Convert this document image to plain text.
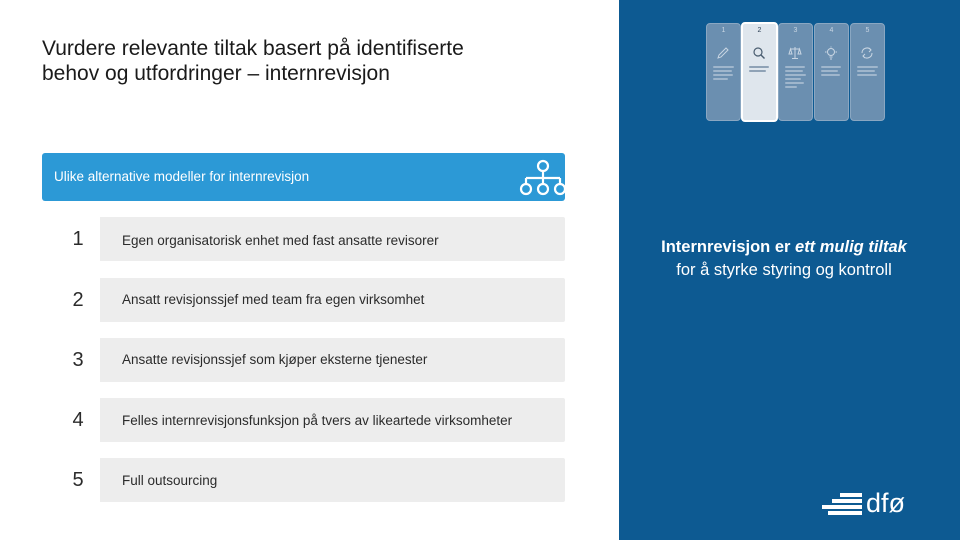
Vurdere relevante tiltak basert på identifiserte
behov og utfordringer – internrevisjon
Ulike alternative modeller for internrevisjon
1	Egen organisatorisk enhet med fast ansatte revisorer
2	Ansatt revisjonssjef med team fra egen virksomhet
3	Ansatte revisjonssjef som kjøper eksterne tjenester
4	Felles internrevisjonsfunksjon på tvers av likeartede virksomheter
5	Full outsourcing
1	2	3	4	5
Internrevisjon er ett mulig tiltak for å styrke styring og kontroll
dfø
